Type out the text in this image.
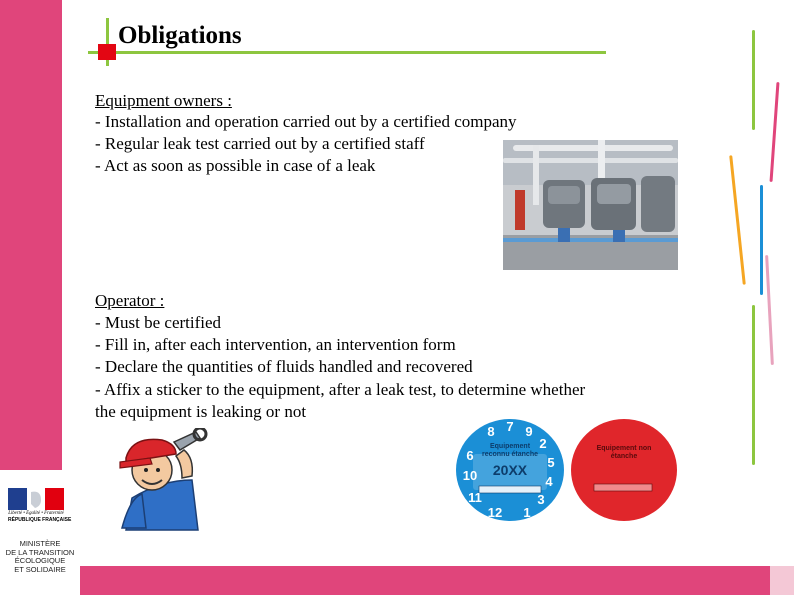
Obligations
Equipment owners :
- Installation and operation carried out by a certified company
- Regular leak test carried out by a certified staff
- Act as soon as possible in case of a leak
Operator :
- Must be certified
- Fill in, after each intervention, an intervention form
- Declare the quantities of fluids handled and recovered
- Affix a sticker to the equipment, after a leak test, to determine whether
the equipment is leaking or not
Equipement
reconnu étanche
20XX
8 7 9
5
4
3
1
12
11
10
6
2	Equipement non
étanche
Liberté • Égalité • Fraternité
RÉPUBLIQUE FRANÇAISE
MINISTÈRE
DE LA TRANSITION
ÉCOLOGIQUE
ET SOLIDAIRE
